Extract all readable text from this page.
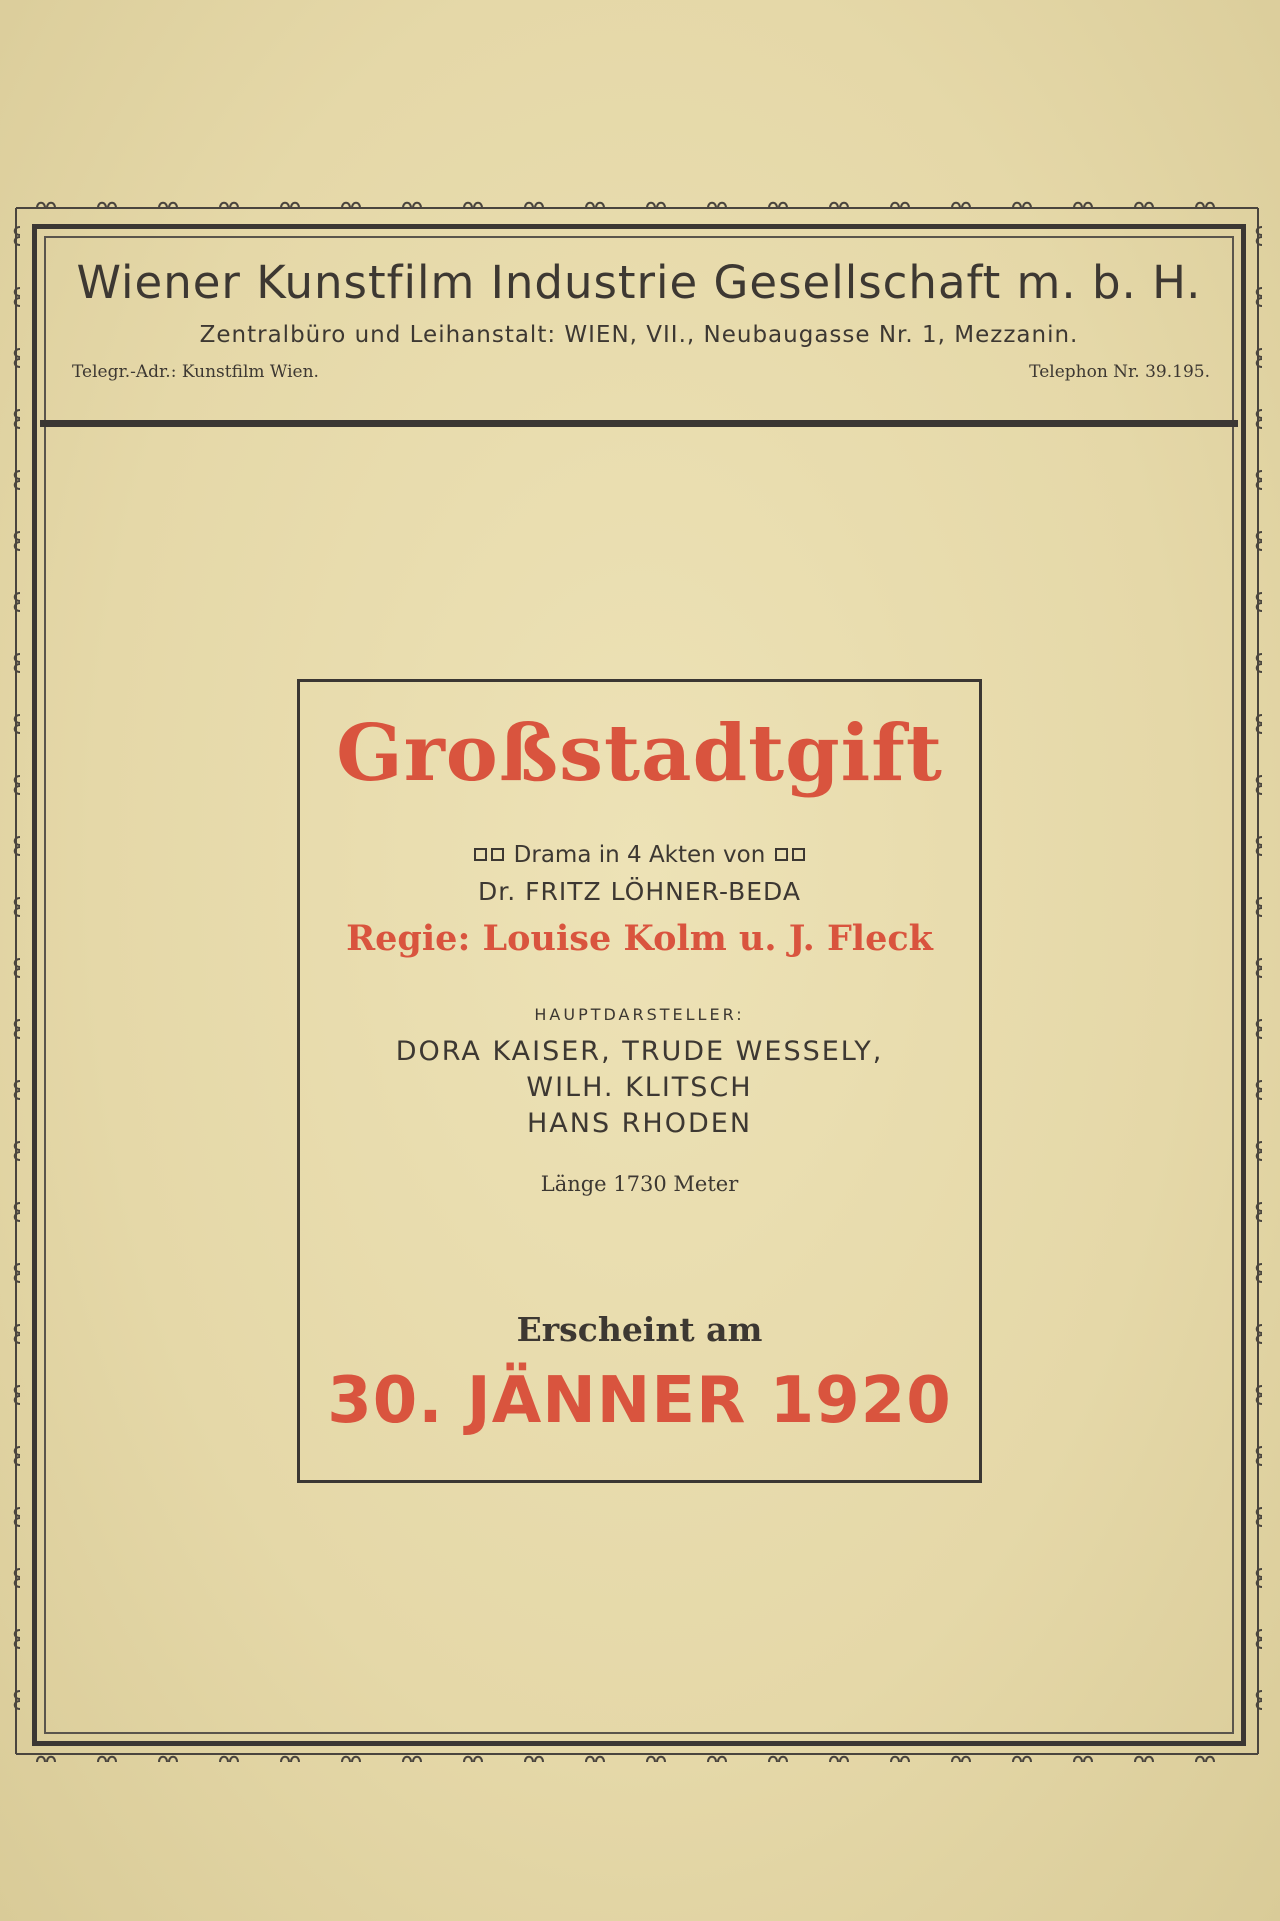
Wiener Kunstfilm Industrie Gesellschaft m. b. H.
Zentralbüro und Leihanstalt: WIEN, VII., Neubaugasse Nr. 1, Mezzanin.
Telegr.-Adr.: Kunstfilm Wien.	Telephon Nr. 39.195.
Großstadtgift
Drama in 4 Akten von
Dr. FRITZ LÖHNER-BEDA
Regie: Louise Kolm u. J. Fleck
HAUPTDARSTELLER:
DORA KAISER, TRUDE WESSELY,
WILH. KLITSCH
HANS RHODEN
Länge 1730 Meter
Erscheint am
30. JÄNNER 1920
